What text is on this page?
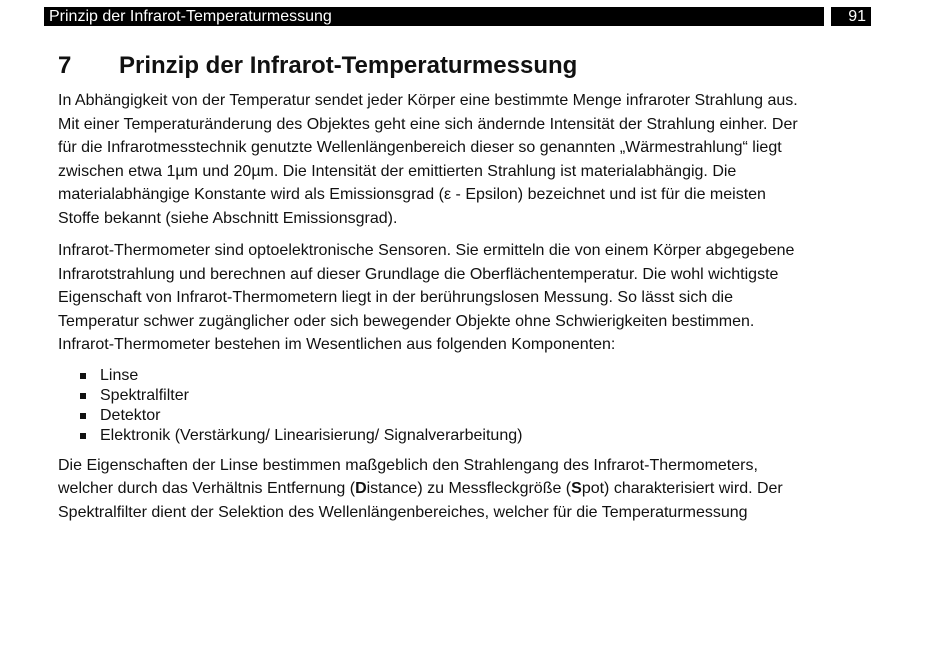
Prinzip der Infrarot-Temperaturmessung	91
7 Prinzip der Infrarot-Temperaturmessung

In Abhängigkeit von der Temperatur sendet jeder Körper eine bestimmte Menge infraroter Strahlung aus.
Mit einer Temperaturänderung des Objektes geht eine sich ändernde Intensität der Strahlung einher. Der
für die Infrarotmesstechnik genutzte Wellenlängenbereich dieser so genannten „Wärmestrahlung“ liegt
zwischen etwa 1µm und 20µm. Die Intensität der emittierten Strahlung ist materialabhängig. Die
materialabhängige Konstante wird als Emissionsgrad (ε - Epsilon) bezeichnet und ist für die meisten
Stoffe bekannt (siehe Abschnitt Emissionsgrad).

Infrarot-Thermometer sind optoelektronische Sensoren. Sie ermitteln die von einem Körper abgegebene
Infrarotstrahlung und berechnen auf dieser Grundlage die Oberflächentemperatur. Die wohl wichtigste
Eigenschaft von Infrarot-Thermometern liegt in der berührungslosen Messung. So lässt sich die
Temperatur schwer zugänglicher oder sich bewegender Objekte ohne Schwierigkeiten bestimmen.
Infrarot-Thermometer bestehen im Wesentlichen aus folgenden Komponenten:

Linse
Spektralfilter
Detektor
Elektronik (Verstärkung/ Linearisierung/ Signalverarbeitung)

Die Eigenschaften der Linse bestimmen maßgeblich den Strahlengang des Infrarot-Thermometers,
welcher durch das Verhältnis Entfernung (Distance) zu Messfleckgröße (Spot) charakterisiert wird. Der
Spektralfilter dient der Selektion des Wellenlängenbereiches, welcher für die Temperaturmessung
